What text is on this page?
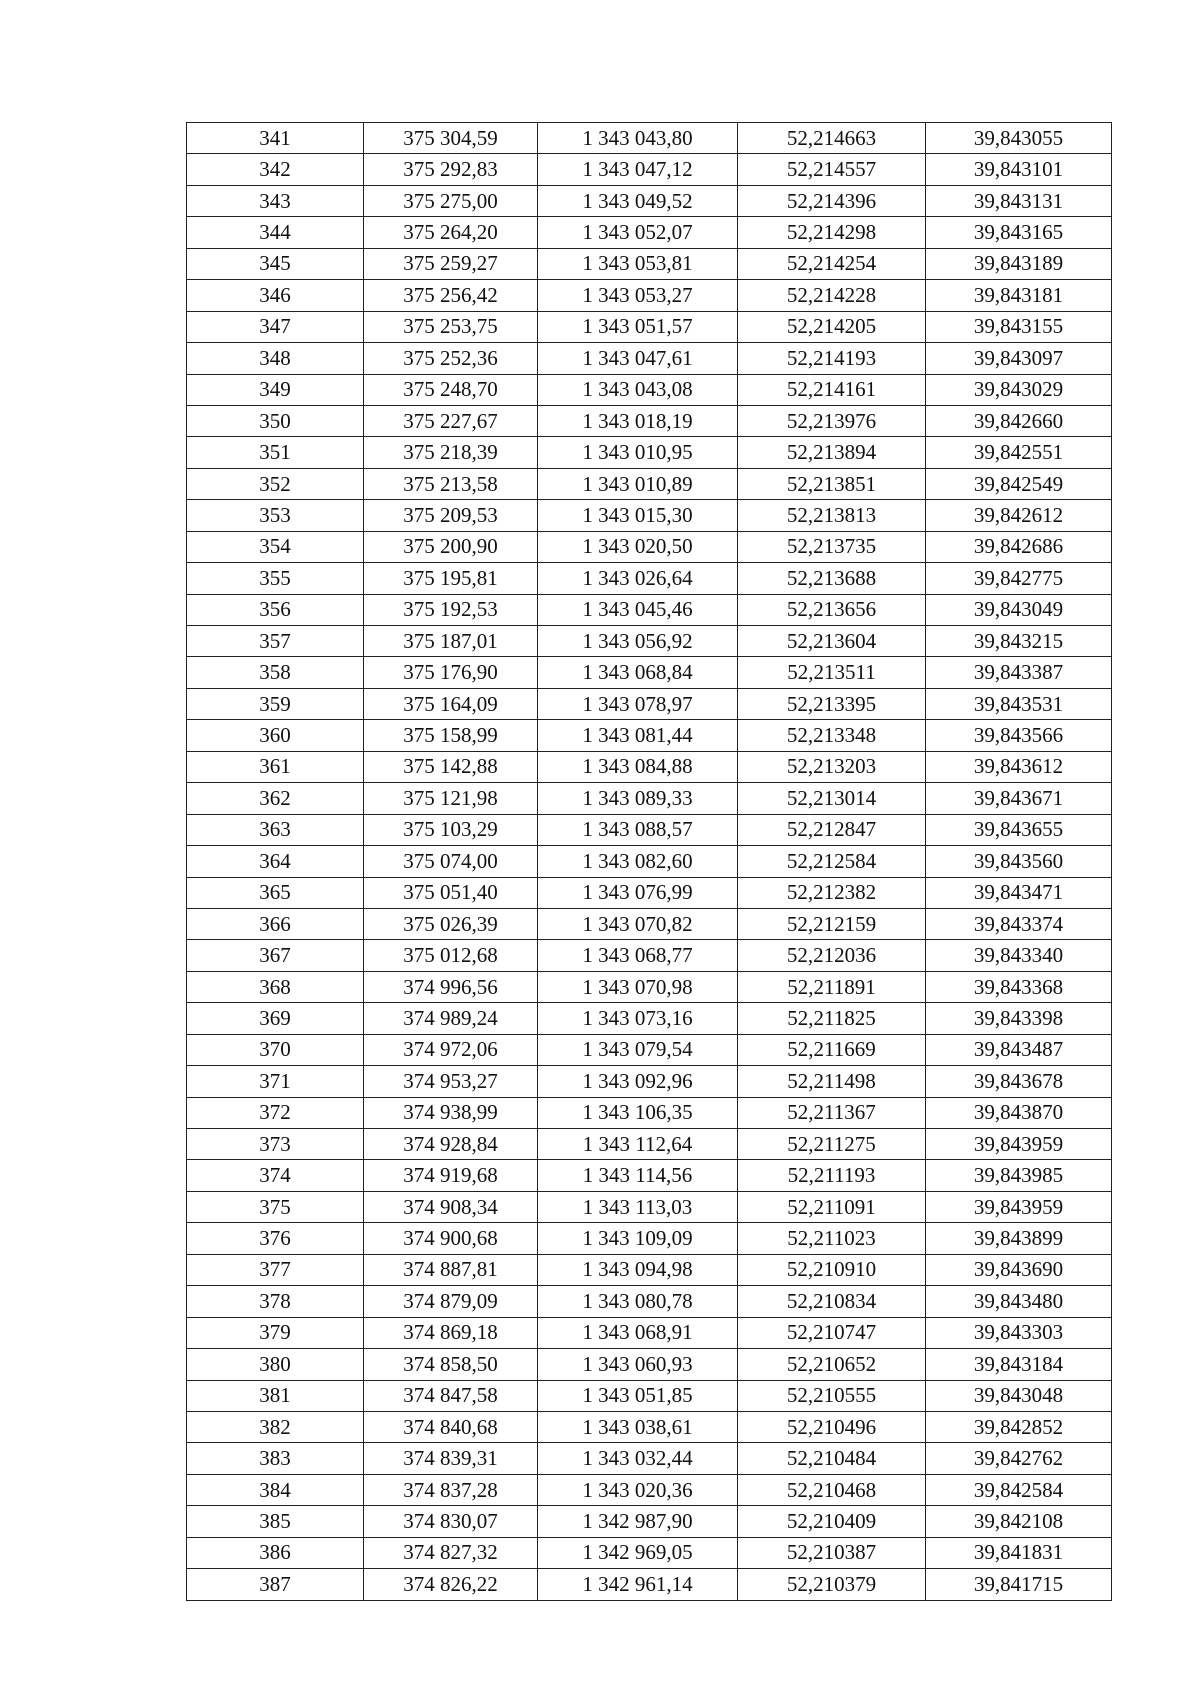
341	375 304,59	1 343 043,80	52,214663	39,843055
342	375 292,83	1 343 047,12	52,214557	39,843101
343	375 275,00	1 343 049,52	52,214396	39,843131
344	375 264,20	1 343 052,07	52,214298	39,843165
345	375 259,27	1 343 053,81	52,214254	39,843189
346	375 256,42	1 343 053,27	52,214228	39,843181
347	375 253,75	1 343 051,57	52,214205	39,843155
348	375 252,36	1 343 047,61	52,214193	39,843097
349	375 248,70	1 343 043,08	52,214161	39,843029
350	375 227,67	1 343 018,19	52,213976	39,842660
351	375 218,39	1 343 010,95	52,213894	39,842551
352	375 213,58	1 343 010,89	52,213851	39,842549
353	375 209,53	1 343 015,30	52,213813	39,842612
354	375 200,90	1 343 020,50	52,213735	39,842686
355	375 195,81	1 343 026,64	52,213688	39,842775
356	375 192,53	1 343 045,46	52,213656	39,843049
357	375 187,01	1 343 056,92	52,213604	39,843215
358	375 176,90	1 343 068,84	52,213511	39,843387
359	375 164,09	1 343 078,97	52,213395	39,843531
360	375 158,99	1 343 081,44	52,213348	39,843566
361	375 142,88	1 343 084,88	52,213203	39,843612
362	375 121,98	1 343 089,33	52,213014	39,843671
363	375 103,29	1 343 088,57	52,212847	39,843655
364	375 074,00	1 343 082,60	52,212584	39,843560
365	375 051,40	1 343 076,99	52,212382	39,843471
366	375 026,39	1 343 070,82	52,212159	39,843374
367	375 012,68	1 343 068,77	52,212036	39,843340
368	374 996,56	1 343 070,98	52,211891	39,843368
369	374 989,24	1 343 073,16	52,211825	39,843398
370	374 972,06	1 343 079,54	52,211669	39,843487
371	374 953,27	1 343 092,96	52,211498	39,843678
372	374 938,99	1 343 106,35	52,211367	39,843870
373	374 928,84	1 343 112,64	52,211275	39,843959
374	374 919,68	1 343 114,56	52,211193	39,843985
375	374 908,34	1 343 113,03	52,211091	39,843959
376	374 900,68	1 343 109,09	52,211023	39,843899
377	374 887,81	1 343 094,98	52,210910	39,843690
378	374 879,09	1 343 080,78	52,210834	39,843480
379	374 869,18	1 343 068,91	52,210747	39,843303
380	374 858,50	1 343 060,93	52,210652	39,843184
381	374 847,58	1 343 051,85	52,210555	39,843048
382	374 840,68	1 343 038,61	52,210496	39,842852
383	374 839,31	1 343 032,44	52,210484	39,842762
384	374 837,28	1 343 020,36	52,210468	39,842584
385	374 830,07	1 342 987,90	52,210409	39,842108
386	374 827,32	1 342 969,05	52,210387	39,841831
387	374 826,22	1 342 961,14	52,210379	39,841715
